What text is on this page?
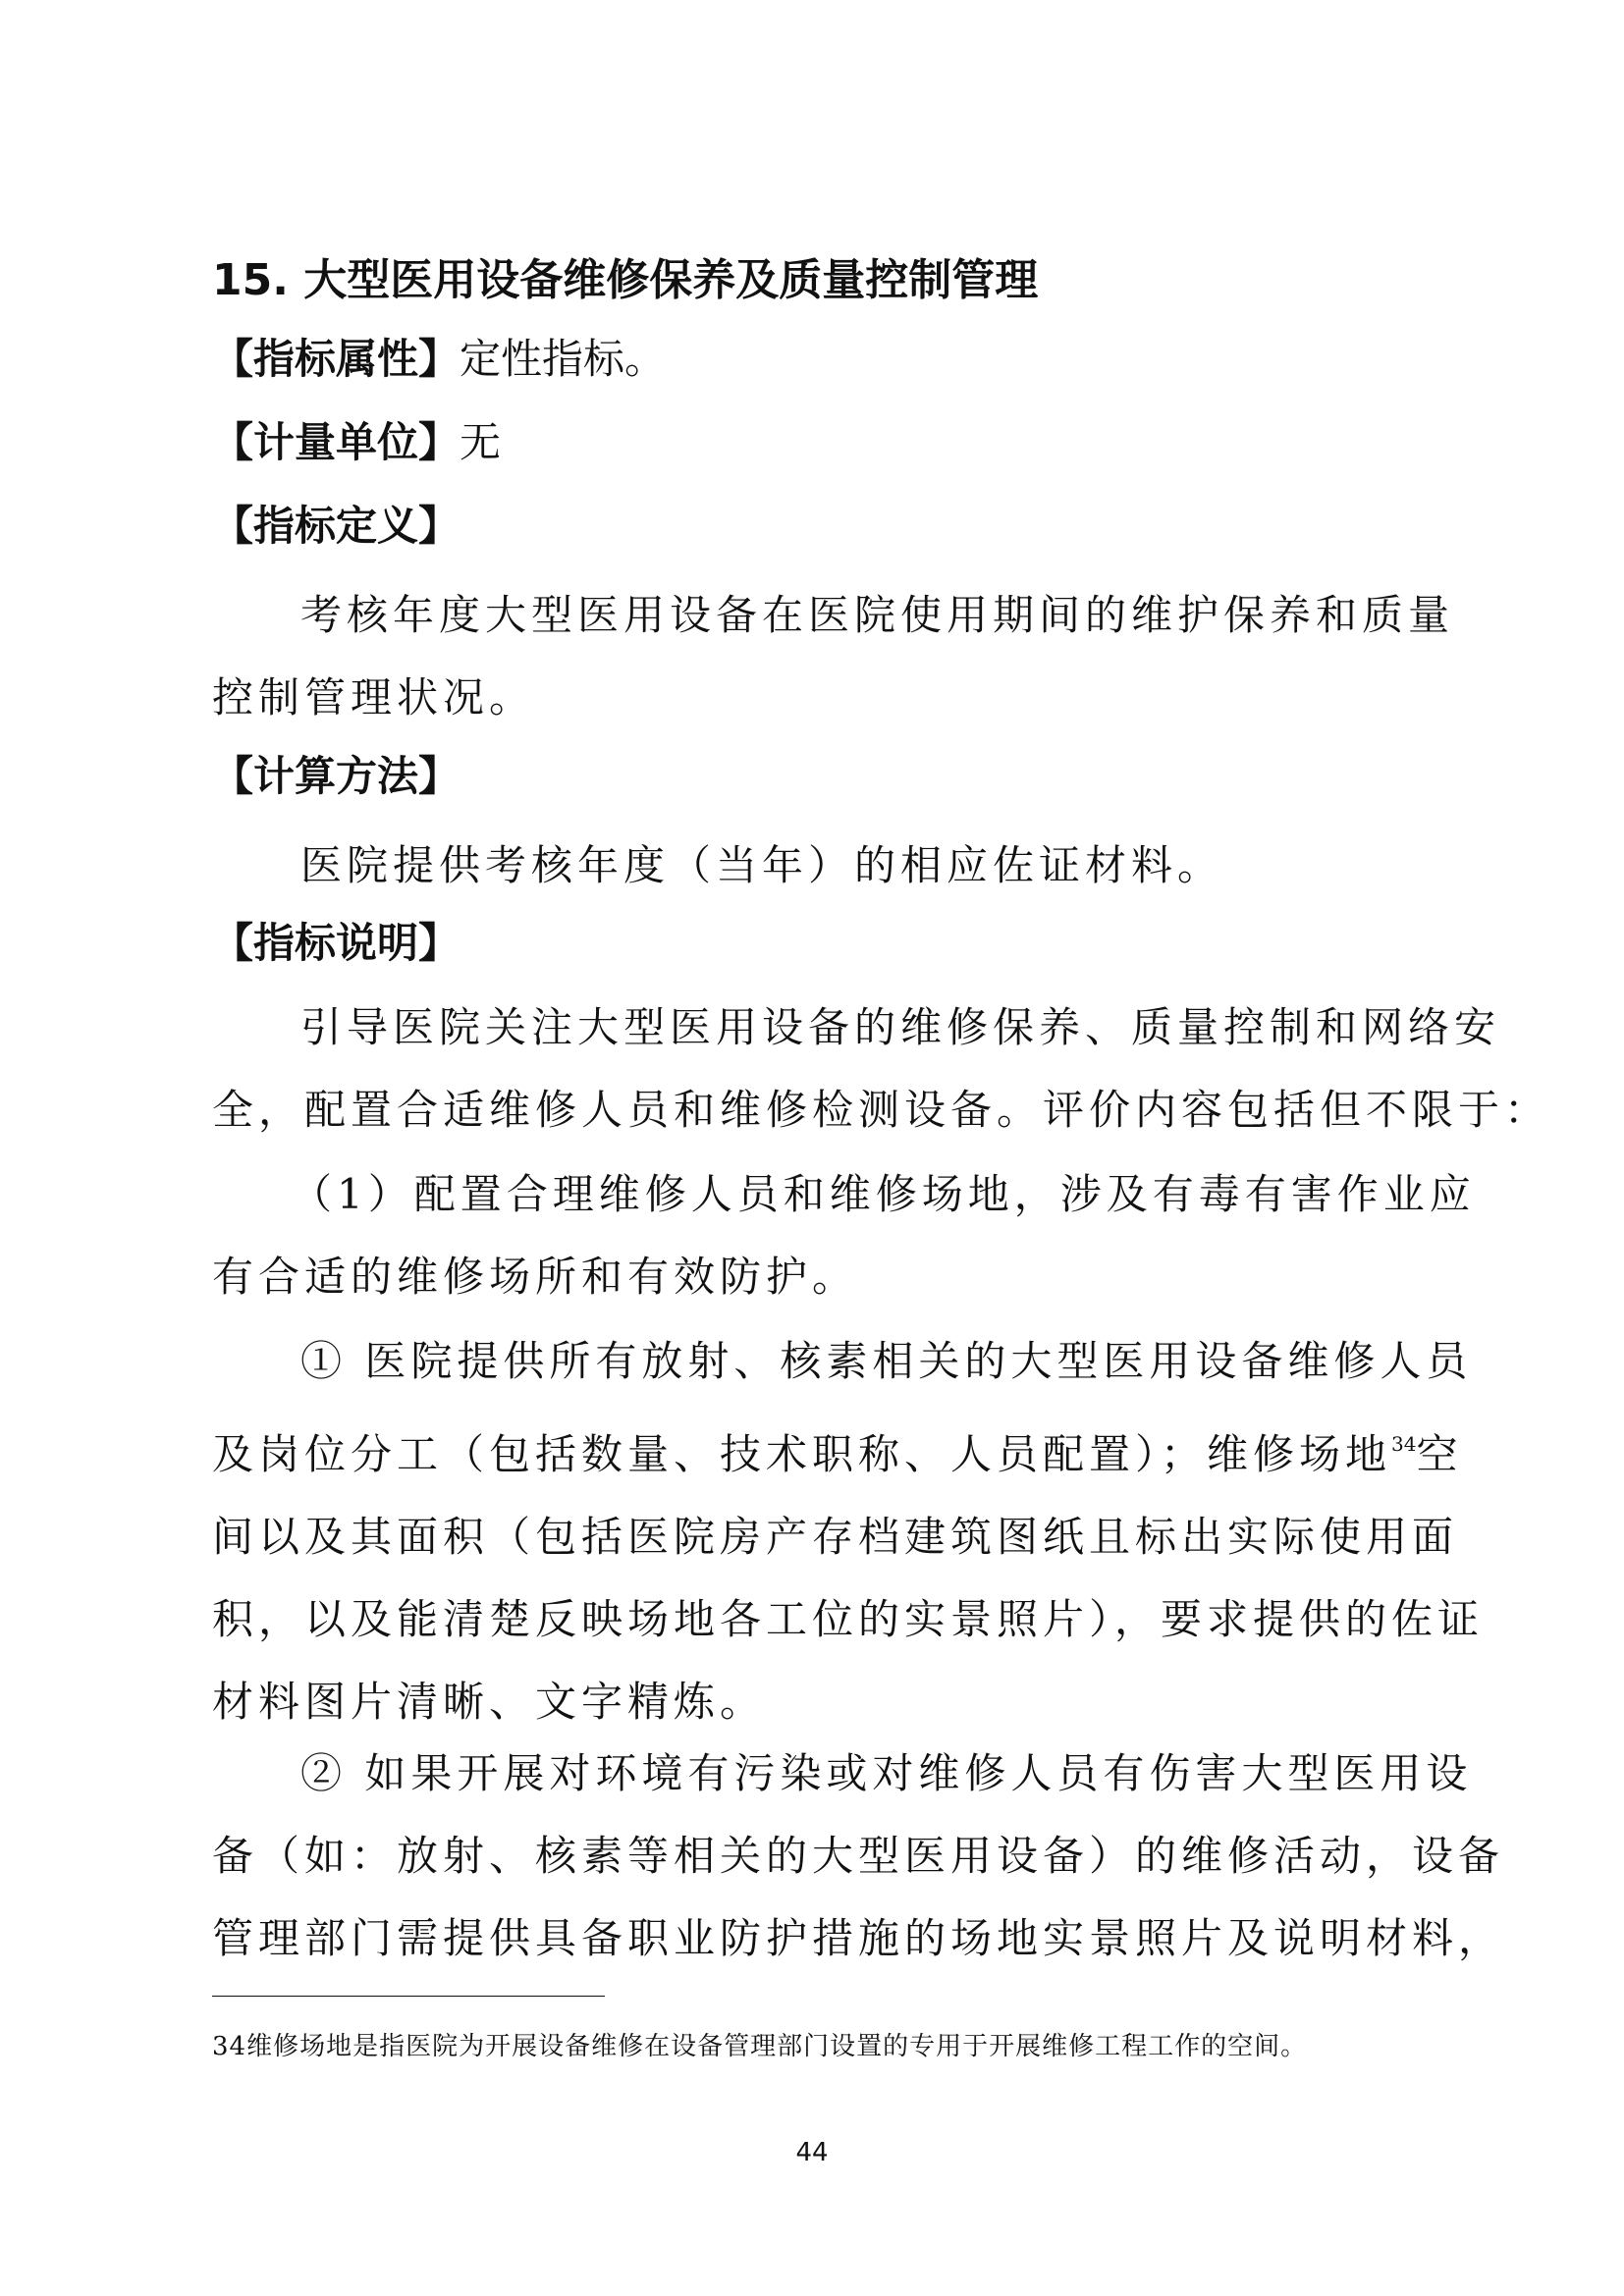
15. 大型医用设备维修保养及质量控制管理
【指标属性】定性指标。
【计量单位】无
【指标定义】
考核年度大型医用设备在医院使用期间的维护保养和质量
控制管理状况。
【计算方法】
医院提供考核年度（当年）的相应佐证材料。
【指标说明】
引导医院关注大型医用设备的维修保养、质量控制和网络安
全，配置合适维修人员和维修检测设备。评价内容包括但不限于：
（1）配置合理维修人员和维修场地，涉及有毒有害作业应
有合适的维修场所和有效防护。
① 医院提供所有放射、核素相关的大型医用设备维修人员
及岗位分工（包括数量、技术职称、人员配置）；维修场地$^{34}$空
间以及其面积（包括医院房产存档建筑图纸且标出实际使用面
积，以及能清楚反映场地各工位的实景照片），要求提供的佐证
材料图片清晰、文字精炼。
② 如果开展对环境有污染或对维修人员有伤害大型医用设
备（如：放射、核素等相关的大型医用设备）的维修活动，设备
管理部门需提供具备职业防护措施的场地实景照片及说明材料，
34维修场地是指医院为开展设备维修在设备管理部门设置的专用于开展维修工程工作的空间。
44
